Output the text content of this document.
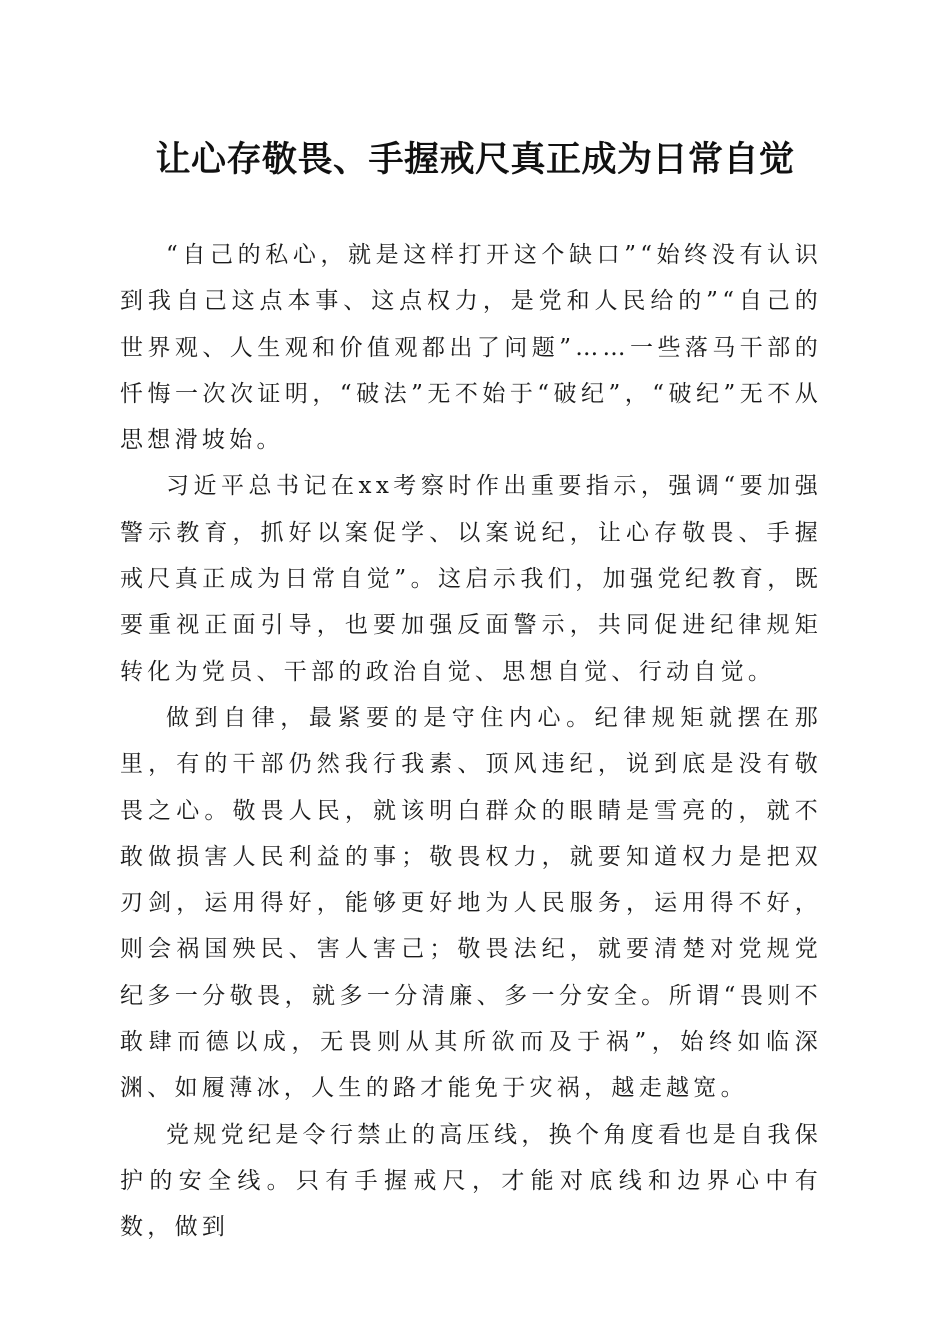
让心存敬畏、手握戒尺真正成为日常自觉

“自己的私心，就是这样打开这个缺口”“始终没有认识到我自己这点本事、这点权力，是党和人民给的”“自己的世界观、人生观和价值观都出了问题”……一些落马干部的忏悔一次次证明，“破法”无不始于“破纪”，“破纪”无不从思想滑坡始。

习近平总书记在xx考察时作出重要指示，强调“要加强警示教育，抓好以案促学、以案说纪，让心存敬畏、手握戒尺真正成为日常自觉”。这启示我们，加强党纪教育，既要重视正面引导，也要加强反面警示，共同促进纪律规矩转化为党员、干部的政治自觉、思想自觉、行动自觉。

做到自律，最紧要的是守住内心。纪律规矩就摆在那里，有的干部仍然我行我素、顶风违纪，说到底是没有敬畏之心。敬畏人民，就该明白群众的眼睛是雪亮的，就不敢做损害人民利益的事；敬畏权力，就要知道权力是把双刃剑，运用得好，能够更好地为人民服务，运用得不好，则会祸国殃民、害人害己；敬畏法纪，就要清楚对党规党纪多一分敬畏，就多一分清廉、多一分安全。所谓“畏则不敢肆而德以成，无畏则从其所欲而及于祸”，始终如临深渊、如履薄冰，人生的路才能免于灾祸，越走越宽。

党规党纪是令行禁止的高压线，换个角度看也是自我保护的安全线。只有手握戒尺，才能对底线和边界心中有数，做到
